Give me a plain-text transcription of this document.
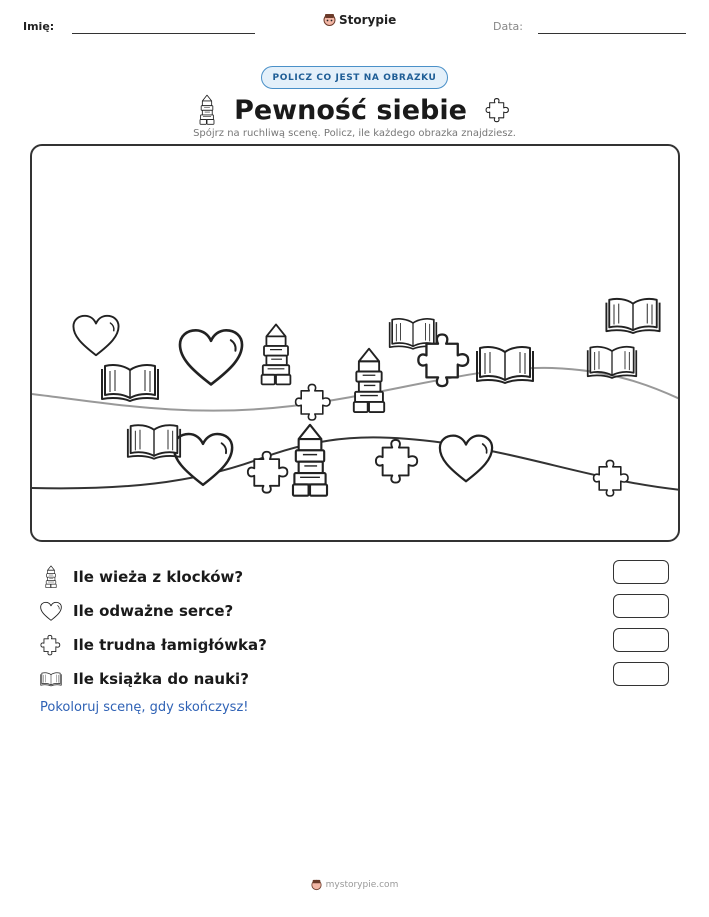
Imię:	Storypie	Data:
POLICZ CO JEST NA OBRAZKU
Pewność siebie
Spójrz na ruchliwą scenę. Policz, ile każdego obrazka znajdziesz.
Ile wieża z klocków?
Ile odważne serce?
Ile trudna łamigłówka?
Ile książka do nauki?
Pokoloruj scenę, gdy skończysz!
mystorypie.com
